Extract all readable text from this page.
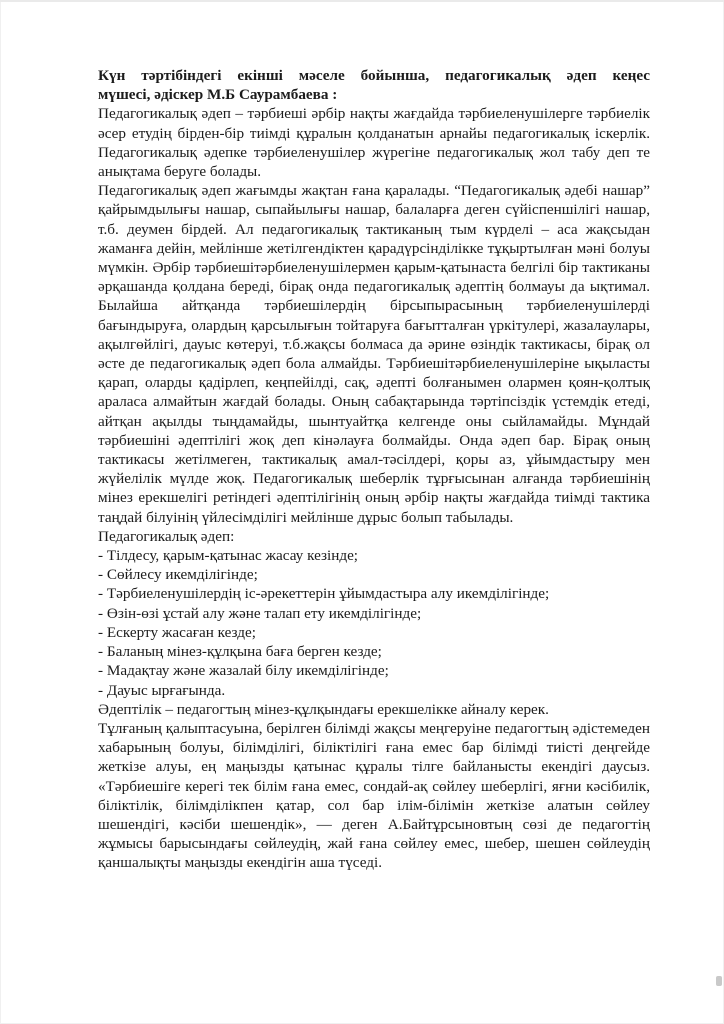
Күн тәртібіндегі екінші мәселе бойынша, педагогикалық әдеп кеңес
мүшесі, әдіскер М.Б Саурамбаева :

Педагогикалық әдеп – тәрбиеші әрбір нақты жағдайда тәрбиеленушілерге тәрбиелік әсер етудің бірден-бір тиімді құралын қолданатын арнайы педагогикалық іскерлік. Педагогикалық әдепке тәрбиеленушілер жүрегіне педагогикалық жол табу деп те анықтама беруге болады.

Педагогикалық әдеп жағымды жақтан ғана қаралады. “Педагогикалық әдебі нашар” қайрымдылығы нашар, сыпайылығы нашар, балаларға деген сүйіспеншілігі нашар, т.б. деумен бірдей. Ал педагогикалық тактиканың тым күрделі – аса жақсыдан жаманға дейін, мейлінше жетілгендіктен қарадүрсінділікке тұқыртылған мәні болуы мүмкін. Әрбір тәрбиешітәрбиеленушілермен қарым-қатынаста белгілі бір тактиканы әрқашанда қолдана береді, бірақ онда педагогикалық әдептің болмауы да ықтимал. Былайша айтқанда тәрбиешілердің бірсыпырасының тәрбиеленушілерді бағындыруға, олардың қарсылығын тойтаруға бағытталған үркітулері, жазалаулары, ақылгөйлігі, дауыс көтеруі, т.б.жақсы болмаса да әрине өзіндік тактикасы, бірақ ол әсте де педагогикалық әдеп бола алмайды. Тәрбиешітәрбиеленушілеріне ықыласты қарап, оларды қадірлеп, кеңпейілді, сақ, әдепті болғанымен олармен қоян-қолтық араласа алмайтын жағдай болады. Оның сабақтарында тәртіпсіздік үстемдік етеді, айтқан ақылды тыңдамайды, шынтуайтқа келгенде оны сыйламайды. Мұндай тәрбиешіні әдептілігі жоқ деп кінәлауға болмайды. Онда әдеп бар. Бірақ оның тактикасы жетілмеген, тактикалық амал-тәсілдері, қоры аз, ұйымдастыру мен жүйелілік мүлде жоқ. Педагогикалық шеберлік тұрғысынан алғанда тәрбиешінің мінез ерекшелігі ретіндегі әдептілігінің оның әрбір нақты жағдайда тиімді тактика таңдай білуінің үйлесімділігі мейлінше дұрыс болып табылады.

Педагогикалық әдеп:

- Тілдесу, қарым-қатынас жасау кезінде;
- Сөйлесу икемділігінде;
- Тәрбиеленушілердің іс-әрекеттерін ұйымдастыра алу икемділігінде;
- Өзін-өзі ұстай алу және талап ету икемділігінде;
- Ескерту жасаған кезде;
- Баланың мінез-құлқына баға берген кезде;
- Мадақтау және жазалай білу икемділігінде;
- Дауыс ырғағында.

Әдептілік – педагогтың мінез-құлқындағы ерекшелікке айналу керек.

Тұлғаның қалыптасуына, берілген білімді жақсы меңгеруіне педагогтың әдістемеден хабарының болуы, білімділігі, біліктілігі ғана емес бар білімді тиісті деңгейде жеткізе алуы, ең маңызды қатынас құралы тілге байланысты екендігі даусыз. «Тәрбиешіге керегі тек білім ғана емес, сондай-ақ сөйлеу шеберлігі, яғни кәсібилік, біліктілік, білімділікпен қатар, сол бар ілім-білімін жеткізе алатын сөйлеу шешендігі, кәсіби шешендік», — деген А.Байтұрсыновтың сөзі де педагогтің жұмысы барысындағы сөйлеудің, жай ғана сөйлеу емес, шебер, шешен сөйлеудің қаншалықты маңызды екендігін аша түседі.
